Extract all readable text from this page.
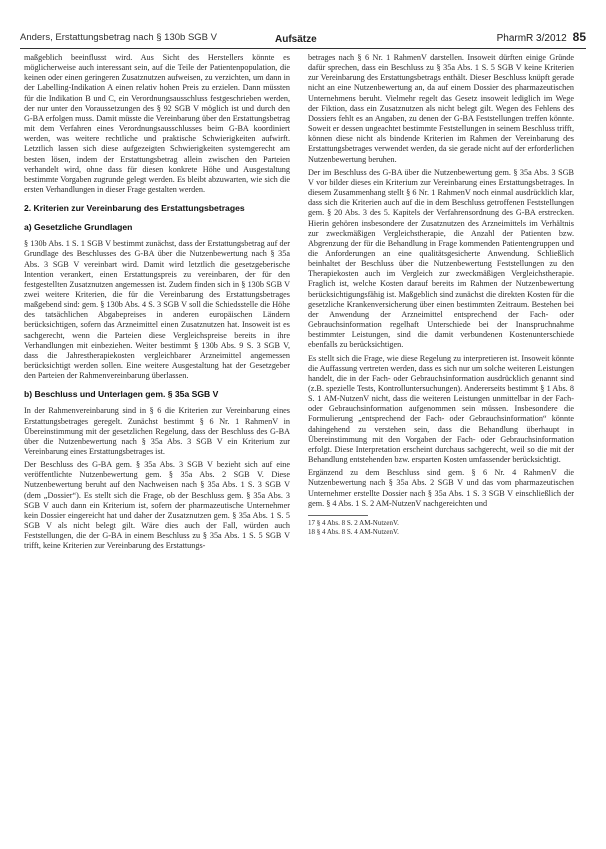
Anders, Erstattungsbetrag nach § 130b SGB V	Aufsätze	PharmR 3/2012 85

maßgeblich beeinflusst wird. Aus Sicht des Herstellers könnte es möglicherweise auch interessant sein, auf die Teile der Patientenpopulation, die keinen oder einen geringeren Zusatznutzen aufweisen, zu verzichten, um dann in der Labelling-Indikation A einen relativ hohen Preis zu erzielen. Dann müssten für die Indikation B und C, ein Verordnungsausschluss festgeschrieben werden, der nur unter den Voraussetzungen des § 92 SGB V möglich ist und durch den G-BA erfolgen muss. Damit müsste die Vereinbarung über den Erstattungsbetrag mit dem Verfahren eines Verordnungsausschlusses beim G-BA koordiniert werden, was weitere rechtliche und praktische Schwierigkeiten aufwirft. Letztlich lassen sich diese aufgezeigten Schwierigkeiten systemgerecht am besten lösen, indem der Erstattungsbetrag allein zwischen den Parteien verhandelt wird, ohne dass für diesen konkrete Höhe und Ausgestaltung bestimmte Vorgaben zugrunde gelegt werden. Es bleibt abzuwarten, wie sich die ersten Verhandlungen in dieser Frage gestalten werden.

2. Kriterien zur Vereinbarung des Erstattungsbetrages
a) Gesetzliche Grundlagen

§ 130b Abs. 1 S. 1 SGB V bestimmt zunächst, dass der Erstattungsbetrag auf der Grundlage des Beschlusses des G-BA über die Nutzenbewertung nach § 35a Abs. 3 SGB V vereinbart wird. Damit wird letztlich die gesetzgeberische Intention verankert, einen Erstattungspreis zu vereinbaren, der für den festgestellten Zusatznutzen angemessen ist. Zudem finden sich in § 130b SGB V zwei weitere Kriterien, die für die Vereinbarung des Erstattungsbetrages maßgebend sind: gem. § 130b Abs. 4 S. 3 SGB V soll die Schiedsstelle die Höhe des tatsächlichen Abgabepreises in anderen europäischen Ländern berücksichtigen, sofern das Arzneimittel einen Zusatznutzen hat. Insoweit ist es sachgerecht, wenn die Parteien diese Vergleichspreise bereits in ihre Verhandlungen mit einbeziehen. Weiter bestimmt § 130b Abs. 9 S. 3 SGB V, dass die Jahrestherapiekosten vergleichbarer Arzneimittel angemessen berücksichtigt werden sollen. Eine weitere Ausgestaltung hat der Gesetzgeber den Parteien der Rahmenvereinbarung überlassen.

b) Beschluss und Unterlagen gem. § 35a SGB V

In der Rahmenvereinbarung sind in § 6 die Kriterien zur Vereinbarung eines Erstattungsbetrages geregelt. Zunächst bestimmt § 6 Nr. 1 RahmenV in Übereinstimmung mit der gesetzlichen Regelung, dass der Beschluss des G-BA über die Nutzenbewertung nach § 35a Abs. 3 SGB V ein Kriterium zur Vereinbarung eines Erstattungsbetrages ist.

Der Beschluss des G-BA gem. § 35a Abs. 3 SGB V bezieht sich auf eine veröffentlichte Nutzenbewertung gem. § 35a Abs. 2 SGB V. Diese Nutzenbewertung beruht auf den Nachweisen nach § 35a Abs. 1 S. 3 SGB V (dem „Dossier“). Es stellt sich die Frage, ob der Beschluss gem. § 35a Abs. 3 SGB V auch dann ein Kriterium ist, sofern der pharmazeutische Unternehmer kein Dossier eingereicht hat und daher der Zusatznutzen gem. § 35a Abs. 1 S. 5 SGB V als nicht belegt gilt. Wäre dies auch der Fall, würden auch Feststellungen, die der G-BA in einem Beschluss zu § 35a Abs. 1 S. 5 SGB V trifft, keine Kriterien zur Vereinbarung des Erstattungs-

betrages nach § 6 Nr. 1 RahmenV darstellen. Insoweit dürften einige Gründe dafür sprechen, dass ein Beschluss zu § 35a Abs. 1 S. 5 SGB V keine Kriterien zur Vereinbarung des Erstattungsbetrags enthält. Dieser Beschluss knüpft gerade nicht an eine Nutzenbewertung an, da auf einem Dossier des pharmazeutischen Unternehmens beruht. Vielmehr regelt das Gesetz insoweit lediglich im Wege der Fiktion, dass ein Zusatznutzen als nicht belegt gilt. Wegen des Fehlens des Dossiers fehlt es an Angaben, zu denen der G-BA Feststellungen treffen könnte. Soweit er dessen ungeachtet bestimmte Feststellungen in seinem Beschluss trifft, können diese nicht als bindende Kriterien im Rahmen der Vereinbarung des Erstattungsbetrages verwendet werden, da sie gerade nicht auf der erforderlichen Nutzenbewertung beruhen.

Der im Beschluss des G-BA über die Nutzenbewertung gem. § 35a Abs. 3 SGB V vor bilder dieses ein Kriterium zur Vereinbarung eines Erstattungsbetrages. In diesem Zusammenhang stellt § 6 Nr. 1 RahmenV noch einmal ausdrücklich klar, dass sich die Kriterien auch auf die in dem Beschluss getroffenen Feststellungen gem. § 20 Abs. 3 des 5. Kapitels der Verfahrensordnung des G-BA erstrecken. Hierin gehören insbesondere der Zusatznutzen des Arzneimittels im Verhältnis zur zweckmäßigen Vergleichstherapie, die Anzahl der Patienten bzw. Abgrenzung der für die Behandlung in Frage kommenden Patientengruppen und die Anforderungen an eine qualitätsgesicherte Anwendung. Schließlich beinhaltet der Beschluss über die Nutzenbewertung Feststellungen zu den Therapiekosten auch im Vergleich zur zweckmäßigen Vergleichstherapie. Fraglich ist, welche Kosten darauf bereits im Rahmen der Nutzenbewertung berücksichtigungsfähig ist. Maßgeblich sind zunächst die direkten Kosten für die gesetzliche Krankenversicherung über einen bestimmten Zeitraum. Bestehen bei der Anwendung der Arzneimittel entsprechend der Fach- oder Gebrauchsinformation regelhaft Unterschiede bei der Inanspruchnahme bestimmter Leistungen, sind die damit verbundenen Kostenunterschiede ebenfalls zu berücksichtigen.

Es stellt sich die Frage, wie diese Regelung zu interpretieren ist. Insoweit könnte die Auffassung vertreten werden, dass es sich nur um solche weiteren Leistungen handelt, die in der Fach- oder Gebrauchsinformation ausdrücklich genannt sind (z.B. spezielle Tests, Kontrolluntersuchungen). Andererseits bestimmt § 1 Abs. 8 S. 1 AM-NutzenV nicht, dass die weiteren Leistungen unmittelbar in der Fach- oder Gebrauchsinformation aufgenommen sein müssen. Insbesondere die Formulierung „entsprechend der Fach- oder Gebrauchsinformation“ könnte dahingehend zu verstehen sein, dass die Behandlung überhaupt in Übereinstimmung mit den Vorgaben der Fach- oder Gebrauchsinformation erfolgt. Diese Interpretation erscheint durchaus sachgerecht, weil so die mit der Behandlung entstehenden bzw. ersparten Kosten umfassender berücksichtigt.

Ergänzend zu dem Beschluss sind gem. § 6 Nr. 4 RahmenV die Nutzenbewertung nach § 35a Abs. 2 SGB V und das vom pharmazeutischen Unternehmer erstellte Dossier nach § 35a Abs. 1 S. 3 SGB V einschließlich der gem. § 4 Abs. 1 S. 2 AM-NutzenV nachgereichten und

17 § 4 Abs. 8 S. 2 AM-NutzenV.
18 § 4 Abs. 8 S. 4 AM-NutzenV.
